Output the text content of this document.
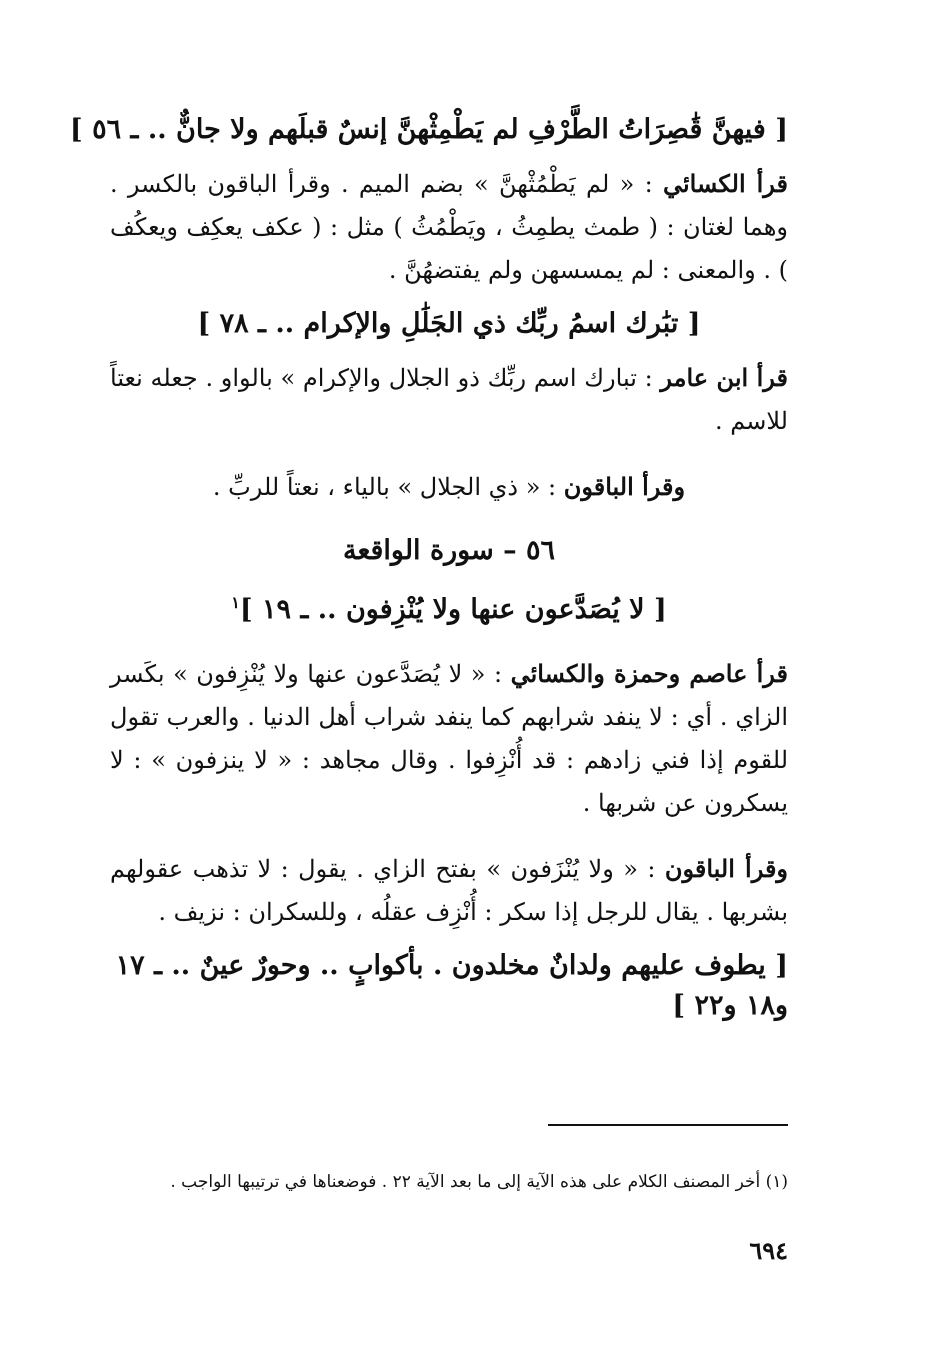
[ فيهنَّ قَٰصِرَاتُ الطَّرْفِ لم يَطْمِثْهنَّ إنسٌ قبلَهم ولا جانٌّ .. ـ ٥٦ ]

قرأ الكسائي : « لم يَطْمُثْهنَّ » بضم الميم . وقرأ الباقون بالكسر . وهما لغتان : ( طمث يطمِثُ ، ويَطْمُثُ ) مثل : ( عكف يعكِف ويعكُف ) . والمعنى : لم يمسسهن ولم يفتضهُنَّ .

[ تبَٰرك اسمُ ربِّك ذي الجَلَٰلِ والإكرام .. ـ ٧٨ ]

قرأ ابن عامر : تبارك اسم ربِّك ذو الجلال والإكرام » بالواو . جعله نعتاً للاسم .

وقرأ الباقون : « ذي الجلال » بالياء ، نعتاً للربِّ .

٥٦ – سورة الواقعة

[ لا يُصَدَّعون عنها ولا يُنْزِفون .. ـ ١٩ ]$^١$

قرأ عاصم وحمزة والكسائي : « لا يُصَدَّعون عنها ولا يُنْزِفون » بكَسر الزاي . أي : لا ينفد شرابهم كما ينفد شراب أهل الدنيا . والعرب تقول للقوم إذا فني زادهم : قد أُنْزِفوا . وقال مجاهد : « لا ينزفون » : لا يسكرون عن شربها .

وقرأ الباقون : « ولا يُنْزَفون » بفتح الزاي . يقول : لا تذهب عقولهم بشربها . يقال للرجل إذا سكر : أُنْزِف عقلُه ، وللسكران : نزيف .

[ يطوف عليهم ولدانٌ مخلدون . بأكوابٍ .. وحورٌ عينٌ .. ـ ١٧ و١٨ و٢٢ ]

(١) أخر المصنف الكلام على هذه الآية إلى ما بعد الآية ٢٢ . فوضعناها في ترتيبها الواجب .
٦٩٤
